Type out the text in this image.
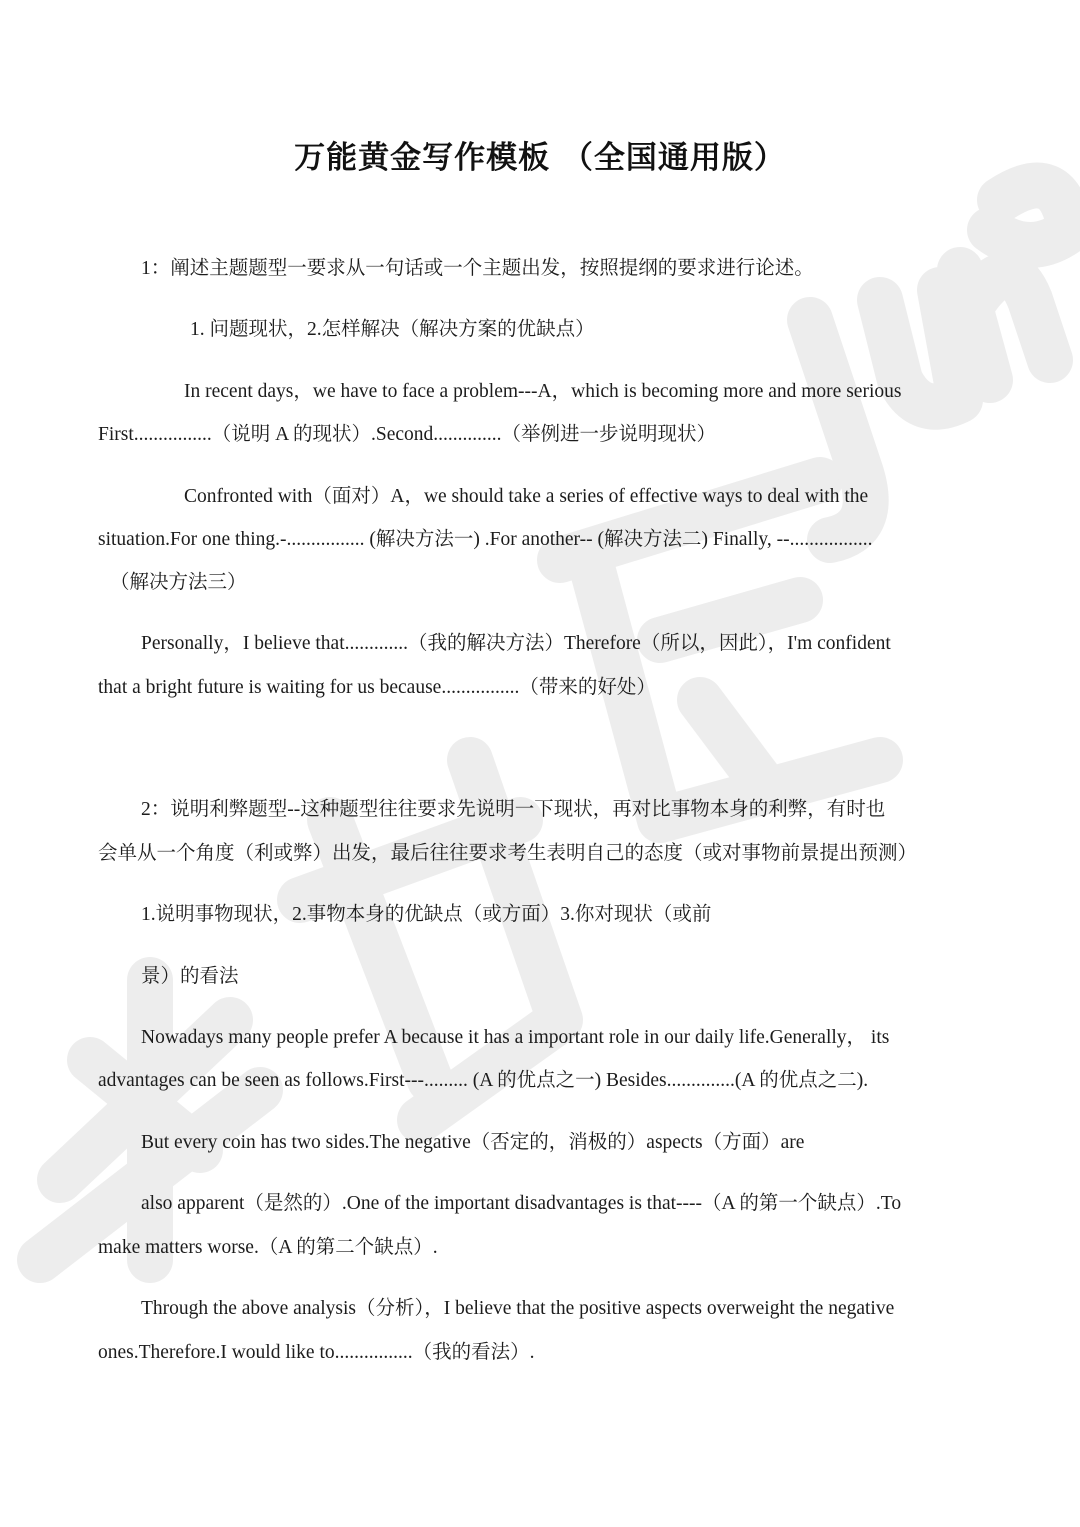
万能黄金写作模板 （全国通用版）
1：阐述主题题型一要求从一句话或一个主题出发，按照提纲的要求进行论述。
1. 问题现状，2.怎样解决（解决方案的优缺点）
In recent days，we have to face a problem---A，which is becoming more and more serious
First................（说明 A 的现状）.Second..............（举例进一步说明现状）
Confronted with（面对）A，we should take a series of effective ways to deal with the
situation.For one thing.-................ (解决方法一) .For another-- (解决方法二) Finally, --.................
（解决方法三）
Personally，I believe that.............（我的解决方法）Therefore（所以，因此），I'm confident
that a bright future is waiting for us because................（带来的好处）
2：说明利弊题型--这种题型往往要求先说明一下现状，再对比事物本身的利弊，有时也
会单从一个角度（利或弊）出发，最后往往要求考生表明自己的态度（或对事物前景提出预测）
1.说明事物现状，2.事物本身的优缺点（或方面）3.你对现状（或前
景）的看法
Nowadays many people prefer A because it has a important role in our daily life.Generally， its
advantages can be seen as follows.First---......... (A 的优点之一) Besides..............(A 的优点之二).
But every coin has two sides.The negative（否定的，消极的）aspects（方面）are
also apparent（是然的）.One of the important disadvantages is that----（A 的第一个缺点）.To
make matters worse.（A 的第二个缺点）.
Through the above analysis（分析），I believe that the positive aspects overweight the negative
ones.Therefore.I would like to................（我的看法）.
